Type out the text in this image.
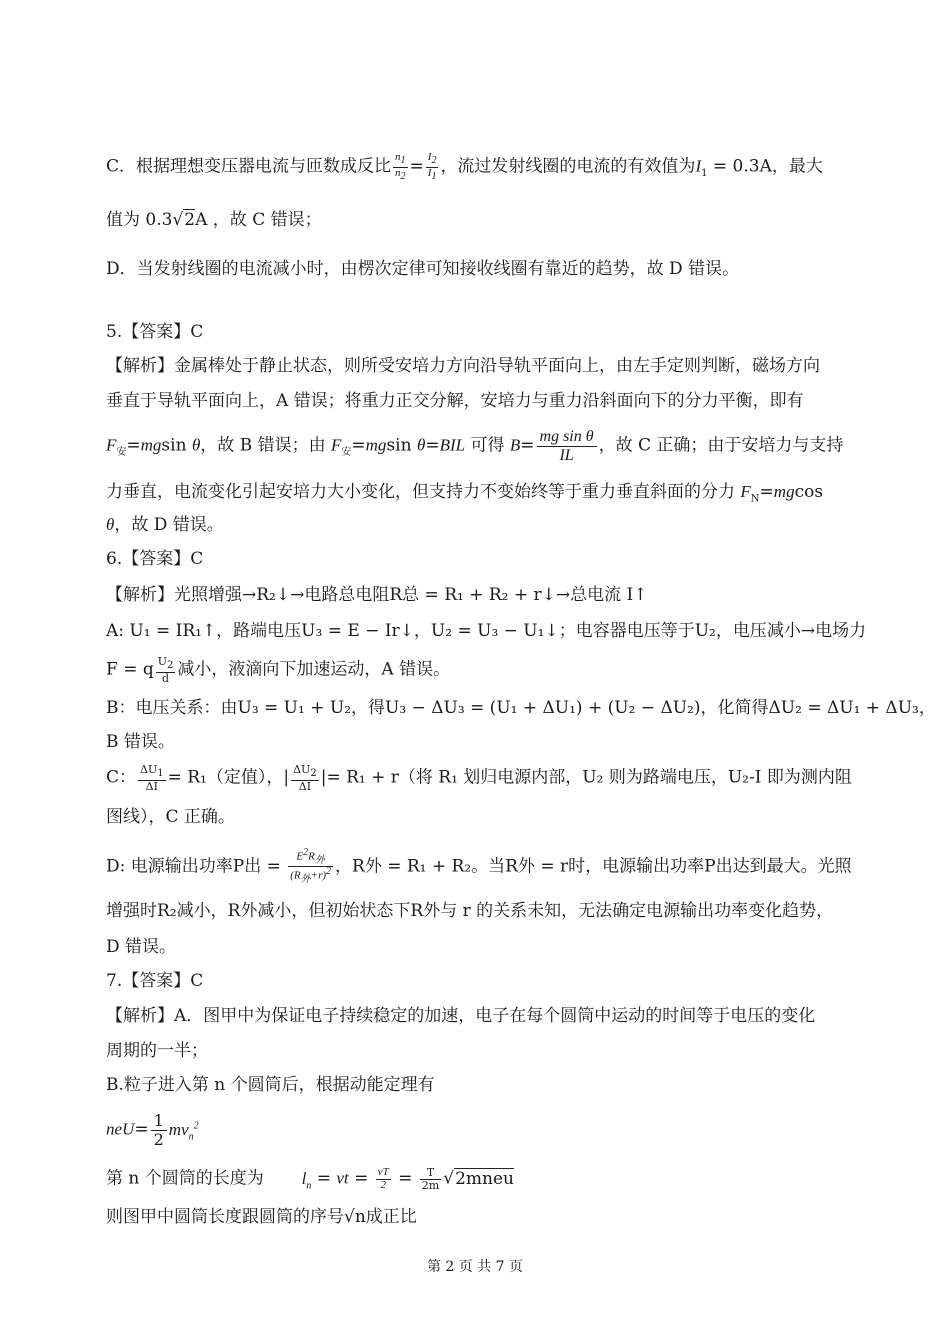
C．根据理想变压器电流与匝数成反比 $\frac{n_1}{n_2} = \frac{I_2}{I_1}$ ，流过发射线圈的电流的有效值为$I_1 = 0.3A$，最大
值为 0.3√2A ，故 C 错误；
D．当发射线圈的电流减小时，由楞次定律可知接收线圈有靠近的趋势，故 D 错误。
5.【答案】C
【解析】金属棒处于静止状态，则所受安培力方向沿导轨平面向上，由左手定则判断，磁场方向
垂直于导轨平面向上，A 错误；将重力正交分解，安培力与重力沿斜面向下的分力平衡，即有
$F_安=mgsin$ θ，故 B 错误；由 $F_安=mgsin$ θ=BIL 可得 $B= \frac{\text{mg sin θ}}{IL}$ ，故 C 正确；由于安培力与支持
力垂直，电流变化引起安培力大小变化，但支持力不变始终等于重力垂直斜面的分力 $F_N=mgcos$
θ，故 D 错误。
6.【答案】C
【解析】光照增强→R₂↓→电路总电阻R总 = R₁ + R₂ + r↓→总电流 I↑
A: U₁ = IR₁↑，路端电压U₃ = E − Ir↓，U₂ = U₃ − U₁↓；电容器电压等于U₂，电压减小→电场力
F = q $\frac{U_2}{d}$ 减小，液滴向下加速运动，A 错误。
B：电压关系：由U₃ = U₁ + U₂，得U₃ − ΔU₃ = (U₁ + ΔU₁) + (U₂ − ΔU₂)，化简得ΔU₂ = ΔU₁ + ΔU₃，
B 错误。
C： $\frac{\Delta U_1}{\Delta I} = R_1$（定值），| $\frac{\Delta U_2}{\Delta I}$ |= R₁ + r（将 R₁ 划归电源内部，U₂ 则为路端电压，U₂-I 即为测内阻
图线），C 正确。
D: 电源输出功率P出 = $\frac{E^2R_外}{(R_外+r)^2}$ ，R外 = R₁ + R₂。当R外 = r时，电源输出功率P出达到最大。光照
增强时R₂减小，R外减小，但初始状态下R外与 r 的关系未知，无法确定电源输出功率变化趋势，
D 错误。
7.【答案】C
【解析】A．图甲中为保证电子持续稳定的加速，电子在每个圆筒中运动的时间等于电压的变化
周期的一半；
B.粒子进入第 n 个圆筒后，根据动能定理有
$neU= \frac{1}{2} mv_n^2$
第 n 个圆筒的长度为 $l_n$ = vt = $\frac{vT}{2} = \frac{T}{2m}$ √2mneu
则图甲中圆筒长度跟圆筒的序号√n成正比
第 2 页 共 7 页
